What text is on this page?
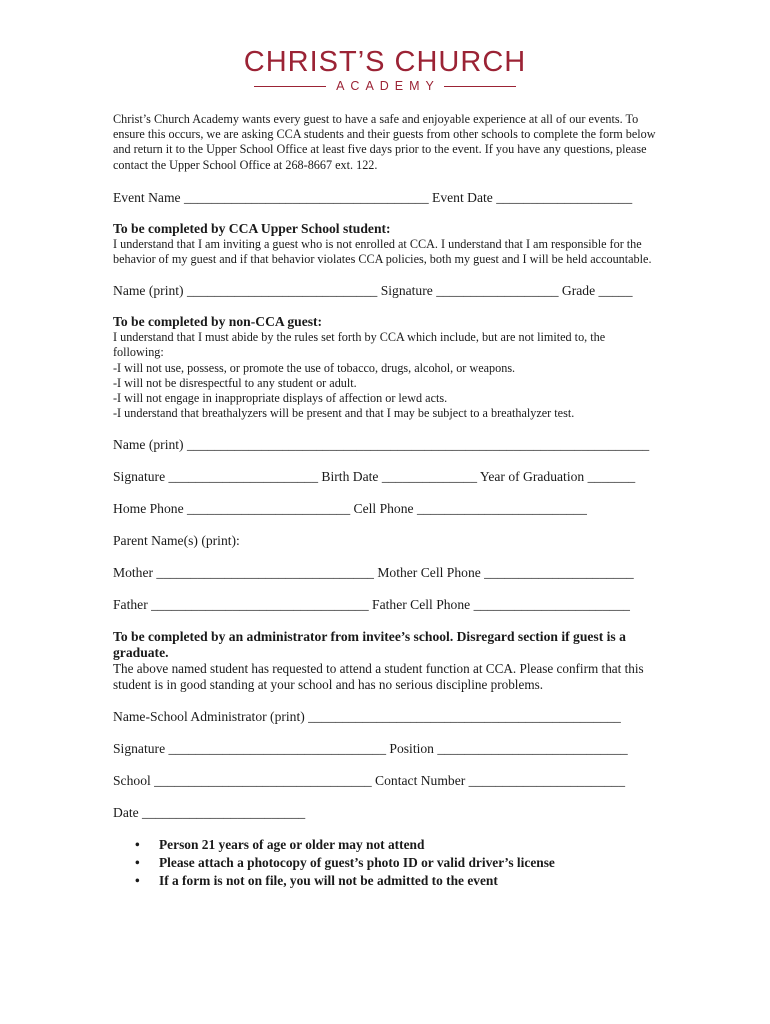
CHRIST’S CHURCH
ACADEMY

Christ’s Church Academy wants every guest to have a safe and enjoyable experience at all of our events. To ensure this occurs, we are asking CCA students and their guests from other schools to complete the form below and return it to the Upper School Office at least five days prior to the event. If you have any questions, please contact the Upper School Office at 268-8667 ext. 122.

Event Name ____________________________________ Event Date ____________________

To be completed by CCA Upper School student:

I understand that I am inviting a guest who is not enrolled at CCA. I understand that I am responsible for the behavior of my guest and if that behavior violates CCA policies, both my guest and I will be held accountable.

Name (print) ____________________________ Signature __________________ Grade _____

To be completed by non-CCA guest:

I understand that I must abide by the rules set forth by CCA which include, but are not limited to, the following:

-I will not use, possess, or promote the use of tobacco, drugs, alcohol, or weapons.

-I will not be disrespectful to any student or adult.

-I will not engage in inappropriate displays of affection or lewd acts.

-I understand that breathalyzers will be present and that I may be subject to a breathalyzer test.

Name (print) ____________________________________________________________________

Signature ______________________ Birth Date ______________ Year of Graduation _______

Home Phone ________________________ Cell Phone _________________________

Parent Name(s) (print):

Mother ________________________________ Mother Cell Phone ______________________

Father ________________________________ Father Cell Phone _______________________

To be completed by an administrator from invitee’s school. Disregard section if guest is a graduate.

The above named student has requested to attend a student function at CCA. Please confirm that this student is in good standing at your school and has no serious discipline problems.

Name-School Administrator (print) ______________________________________________

Signature ________________________________ Position ____________________________

School ________________________________ Contact Number _______________________

Date ________________________

• Person 21 years of age or older may not attend
• Please attach a photocopy of guest’s photo ID or valid driver’s license
• If a form is not on file, you will not be admitted to the event
